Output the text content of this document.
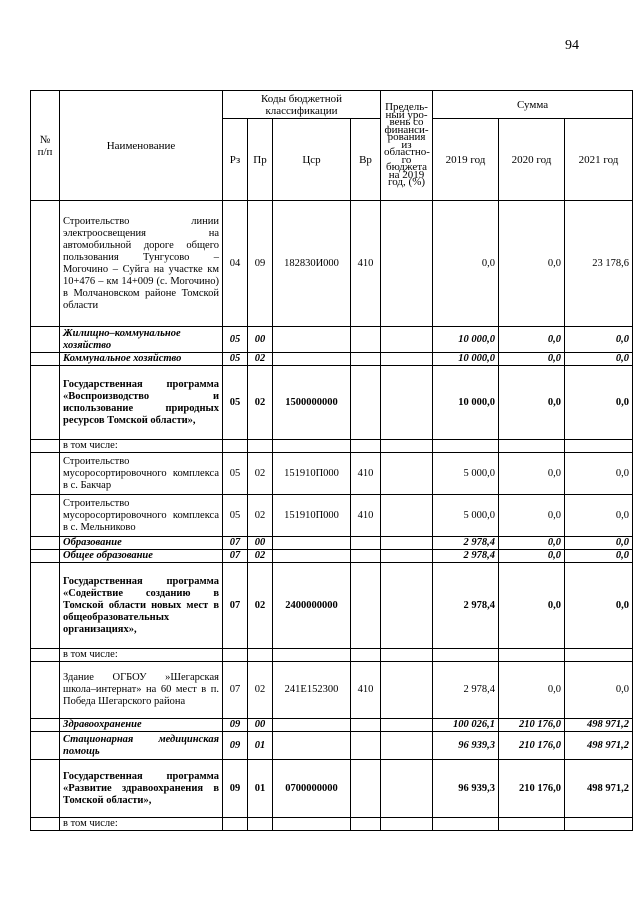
94
№ п/п	Наименование	Коды бюджетной классификации				Предель-ный уро-вень со финанси-рования из областно-го бюджета на 2019 год, (%)	Сумма		
		Рз	Пр	Цср	Вр		2019 год	2020 год	2021 год
	Строительство линии электроосвещения на автомобильной дороге общего пользования Тунгусово – Могочино – Суйга на участке км 10+476 – км 14+009 (с. Могочино) в Молчановском районе Томской области	04	09	182830И000	410		0,0	0,0	23 178,6
	Жилищно–коммунальное хозяйство	05	00				10 000,0	0,0	0,0
	Коммунальное хозяйство	05	02				10 000,0	0,0	0,0
	Государственная программа «Воспроизводство и использование природных ресурсов Томской области»,	05	02	1500000000			10 000,0	0,0	0,0
	в том числе:								
	Строительство мусоросортировочного комплекса в с. Бакчар	05	02	151910П000	410		5 000,0	0,0	0,0
	Строительство мусоросортировочного комплекса в с. Мельниково	05	02	151910П000	410		5 000,0	0,0	0,0
	Образование	07	00				2 978,4	0,0	0,0
	Общее образование	07	02				2 978,4	0,0	0,0
	Государственная программа «Содействие созданию в Томской области новых мест в общеобразовательных организациях»,	07	02	2400000000			2 978,4	0,0	0,0
	в том числе:								
	Здание ОГБОУ »Шегарская школа–интернат» на 60 мест в п. Победа Шегарского района	07	02	241Е152300	410		2 978,4	0,0	0,0
	Здравоохранение	09	00				100 026,1	210 176,0	498 971,2
	Стационарная медицинская помощь	09	01				96 939,3	210 176,0	498 971,2
	Государственная программа «Развитие здравоохранения в Томской области»,	09	01	0700000000			96 939,3	210 176,0	498 971,2
	в том числе:								
